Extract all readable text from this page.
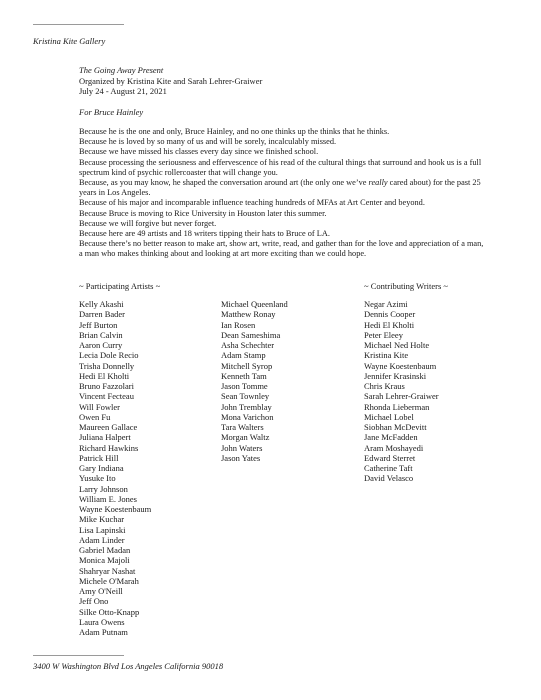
Kristina Kite Gallery
The Going Away Present
Organized by Kristina Kite and Sarah Lehrer-Graiwer
July 24 - August 21, 2021
For Bruce Hainley

Because he is the one and only, Bruce Hainley, and no one thinks up the thinks that he thinks.

Because he is loved by so many of us and will be sorely, incalculably missed.

Because we have missed his classes every day since we finished school.

Because processing the seriousness and effervescence of his read of the cultural things that surround and hook us is a full spectrum kind of psychic rollercoaster that will change you.

Because, as you may know, he shaped the conversation around art (the only one we’ve really cared about) for the past 25 years in Los Angeles.

Because of his major and incomparable influence teaching hundreds of MFAs at Art Center and beyond.

Because Bruce is moving to Rice University in Houston later this summer.

Because we will forgive but never forget.

Because here are 49 artists and 18 writers tipping their hats to Bruce of LA.

Because there’s no better reason to make art, show art, write, read, and gather than for the love and appreciation of a man, a man who makes thinking about and looking at art more exciting than we could hope.

~ Participating Artists ~	~ Contributing Writers ~
Kelly Akashi
Darren Bader
Jeff Burton
Brian Calvin
Aaron Curry
Lecia Dole Recio
Trisha Donnelly
Hedi El Kholti
Bruno Fazzolari
Vincent Fecteau
Will Fowler
Owen Fu
Maureen Gallace
Juliana Halpert
Richard Hawkins
Patrick Hill
Gary Indiana
Yusuke Ito
Larry Johnson
William E. Jones
Wayne Koestenbaum
Mike Kuchar
Lisa Lapinski
Adam Linder
Gabriel Madan
Monica Majoli
Shahryar Nashat
Michele O'Marah
Amy O'Neill
Jeff Ono
Silke Otto-Knapp
Laura Owens
Adam Putnam
Michael Queenland
Matthew Ronay
Ian Rosen
Dean Sameshima
Asha Schechter
Adam Stamp
Mitchell Syrop
Kenneth Tam
Jason Tomme
Sean Townley
John Tremblay
Mona Varichon
Tara Walters
Morgan Waltz
John Waters
Jason Yates
Negar Azimi
Dennis Cooper
Hedi El Kholti
Peter Eleey
Michael Ned Holte
Kristina Kite
Wayne Koestenbaum
Jennifer Krasinski
Chris Kraus
Sarah Lehrer-Graiwer
Rhonda Lieberman
Michael Lobel
Siobhan McDevitt
Jane McFadden
Aram Moshayedi
Edward Sterret
Catherine Taft
David Velasco
3400 W Washington Blvd Los Angeles California 90018
